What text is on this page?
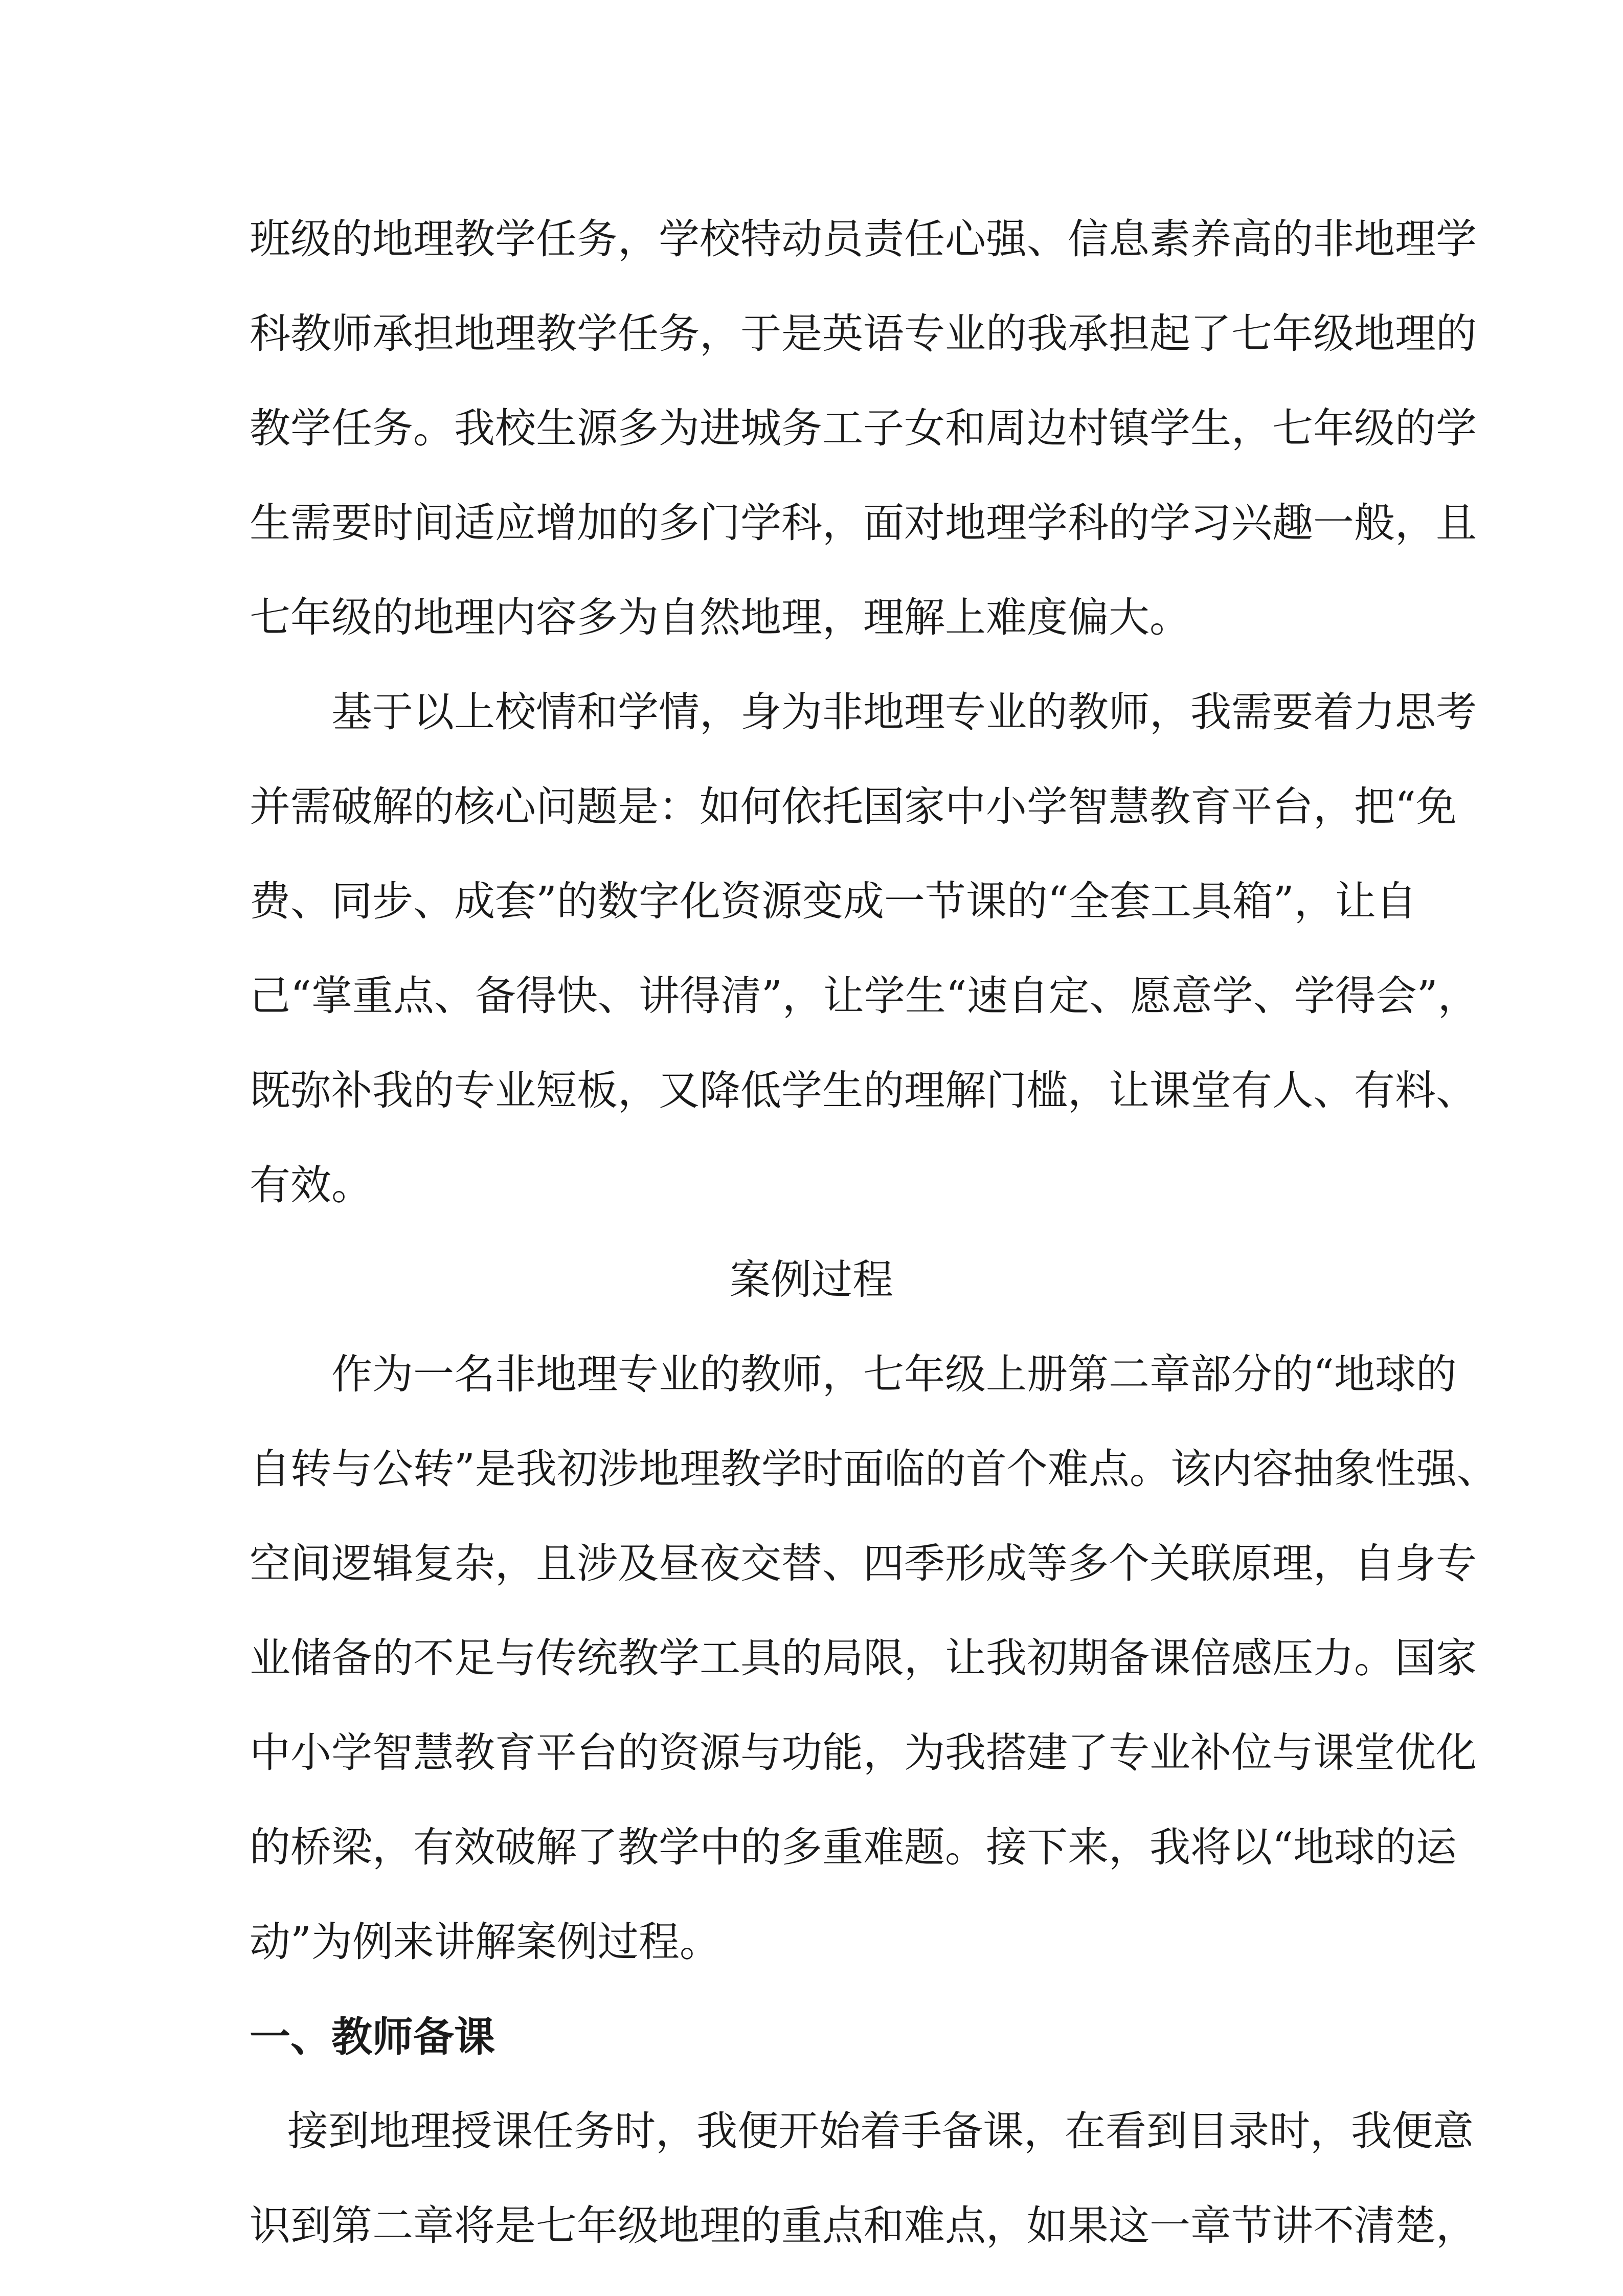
班级的地理教学任务，学校特动员责任心强、信息素养高的非地理学
科教师承担地理教学任务，于是英语专业的我承担起了七年级地理的
教学任务。我校生源多为进城务工子女和周边村镇学生，七年级的学
生需要时间适应增加的多门学科，面对地理学科的学习兴趣一般，且
七年级的地理内容多为自然地理，理解上难度偏大。
基于以上校情和学情，身为非地理专业的教师，我需要着力思考
并需破解的核心问题是：如何依托国家中小学智慧教育平台，把“免
费、同步、成套”的数字化资源变成一节课的“全套工具箱”，让自
己“掌重点、备得快、讲得清”，让学生“速自定、愿意学、学得会”，
既弥补我的专业短板，又降低学生的理解门槛，让课堂有人、有料、
有效。
案例过程
作为一名非地理专业的教师，七年级上册第二章部分的“地球的
自转与公转”是我初涉地理教学时面临的首个难点。该内容抽象性强、
空间逻辑复杂，且涉及昼夜交替、四季形成等多个关联原理，自身专
业储备的不足与传统教学工具的局限，让我初期备课倍感压力。国家
中小学智慧教育平台的资源与功能，为我搭建了专业补位与课堂优化
的桥梁，有效破解了教学中的多重难题。接下来，我将以“地球的运
动”为例来讲解案例过程。
一、教师备课
接到地理授课任务时，我便开始着手备课，在看到目录时，我便意
识到第二章将是七年级地理的重点和难点，如果这一章节讲不清楚，
